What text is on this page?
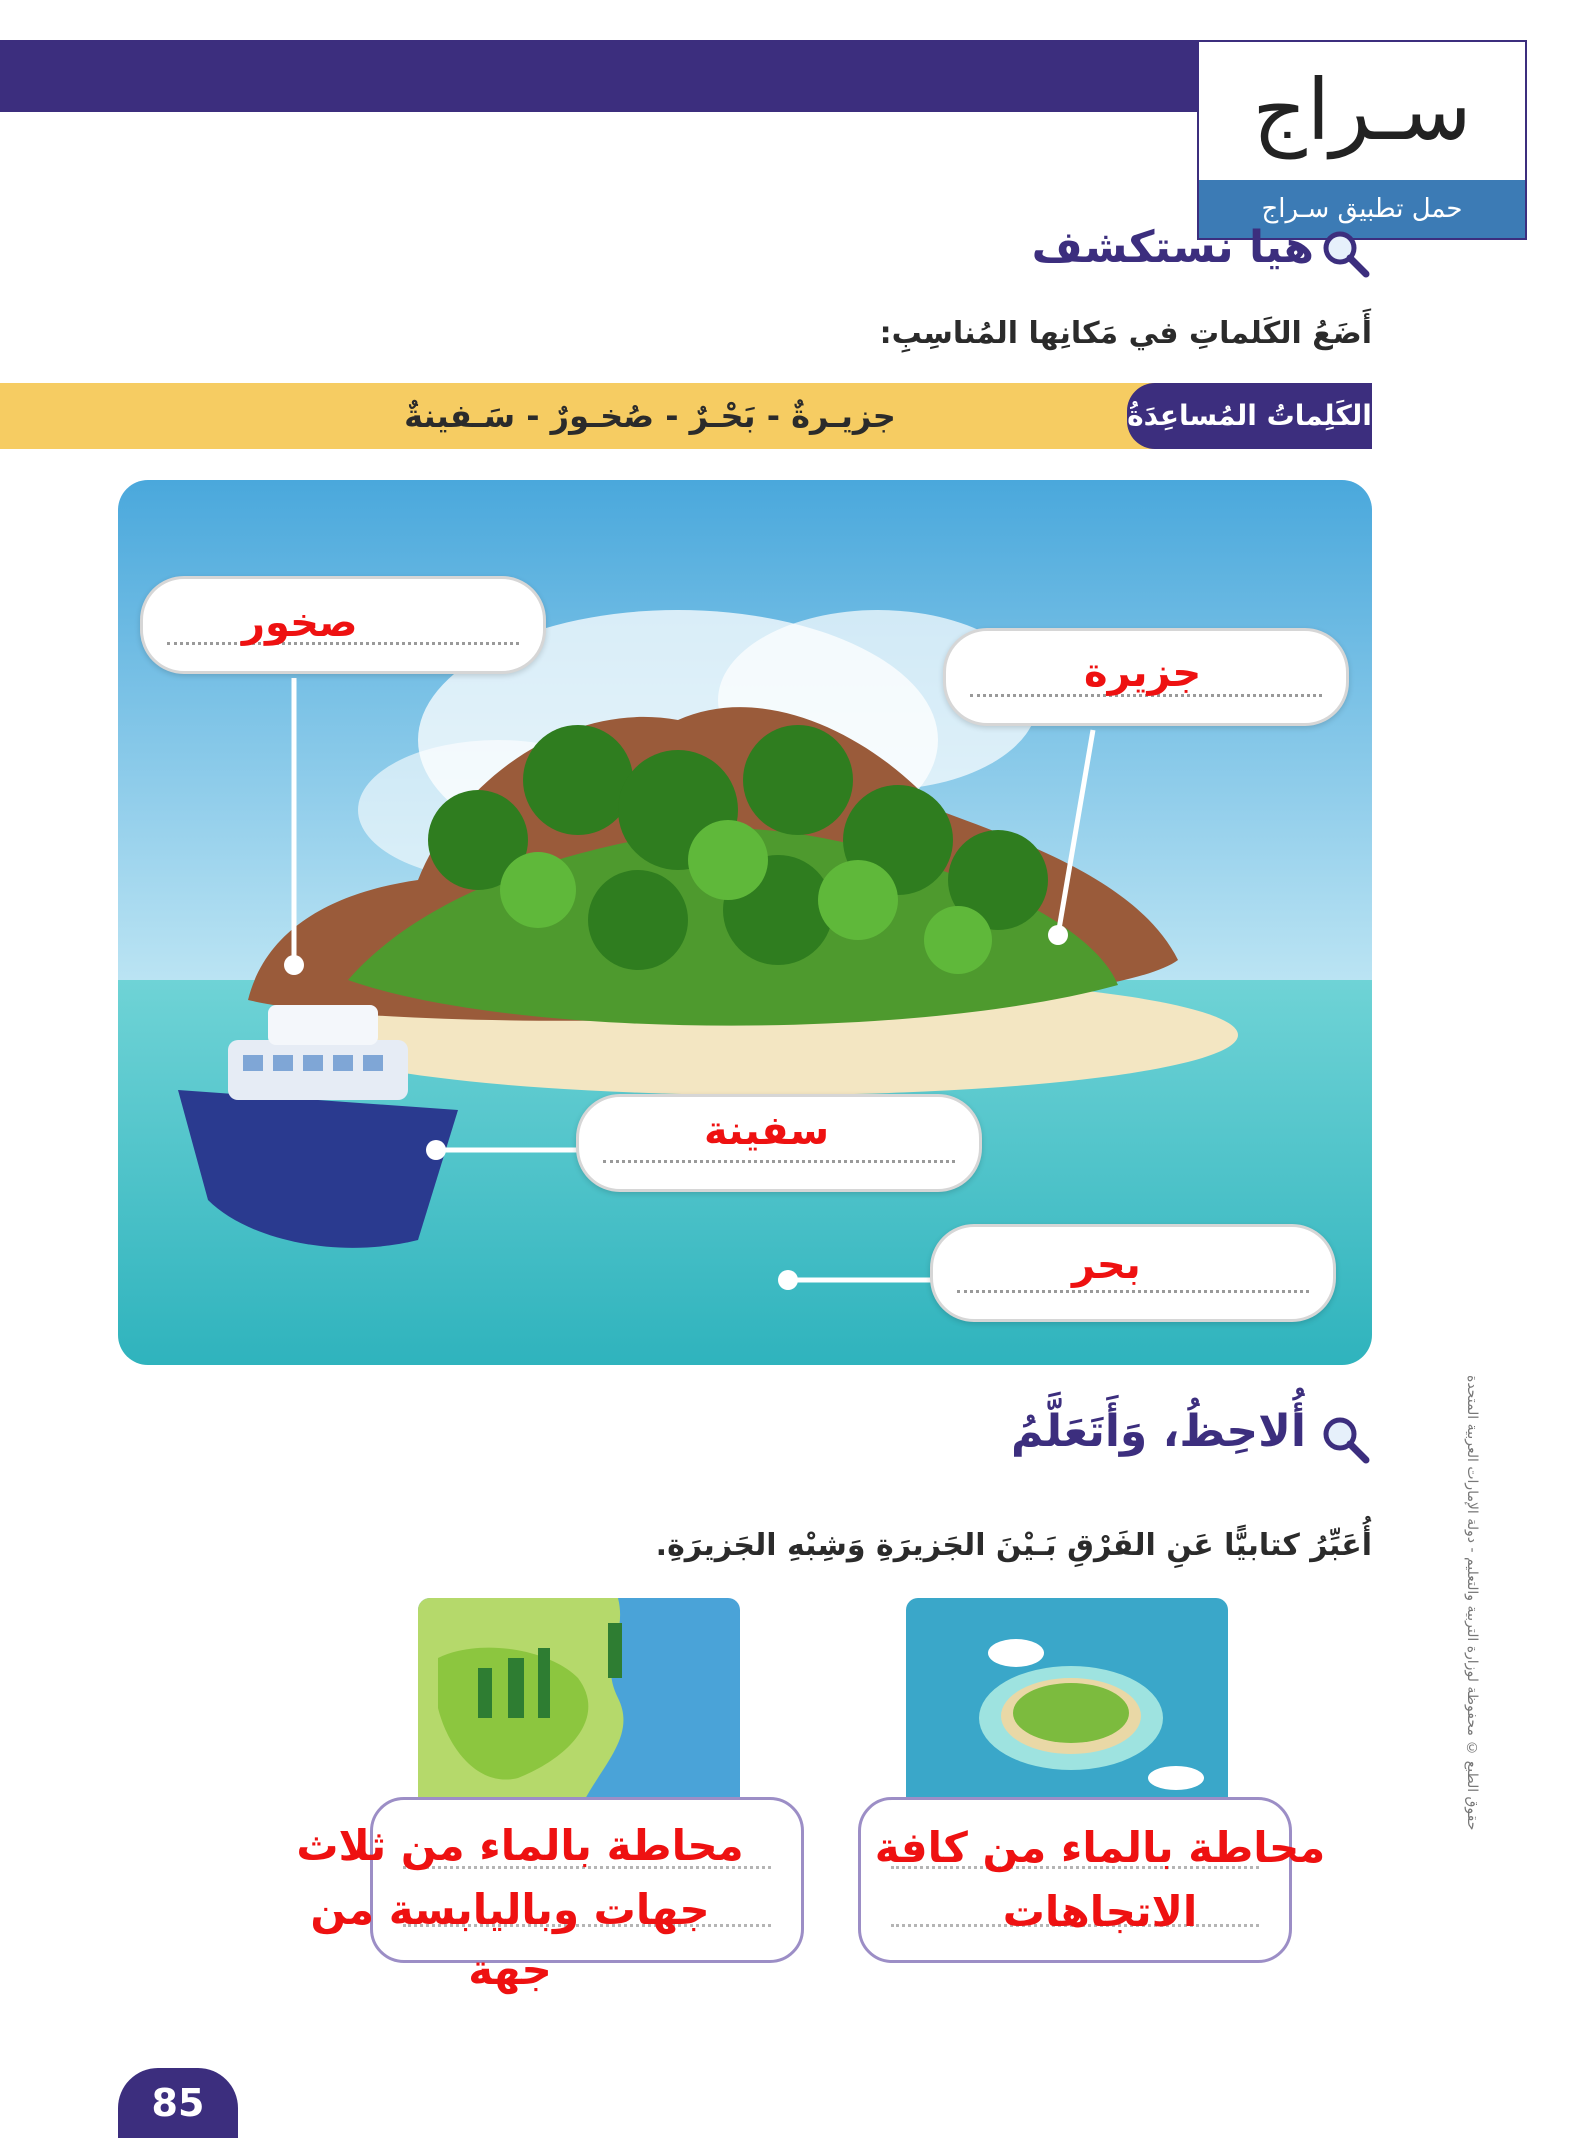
سـراج
حمل تطبيق سـراج
هيا نستكشف
أَضَعُ الكَلماتِ في مَكانِها المُناسِبِ:
الكَلِماتُ المُساعِدَةُ
جزيـرةٌ - بَحْـرٌ - صُخـورٌ - سَـفينةٌ
صخور
جزيرة
سفينة
بحر
أُلاحِظُ، وَأَتَعَلَّمُ
أُعَبِّرُ كتابيًّا عَنِ الفَرْقِ بَـيْنَ الجَزيرَةِ وَشِبْهِ الجَزيرَةِ.
محاطة بالماء من ثلاث
جهات وباليابسة من جهة
محاطة بالماء من كافة
الاتجاهات
حقوق الطبع © محفوظة لوزارة التربية والتعليم - دولة الإمارات العربية المتحدة
85
